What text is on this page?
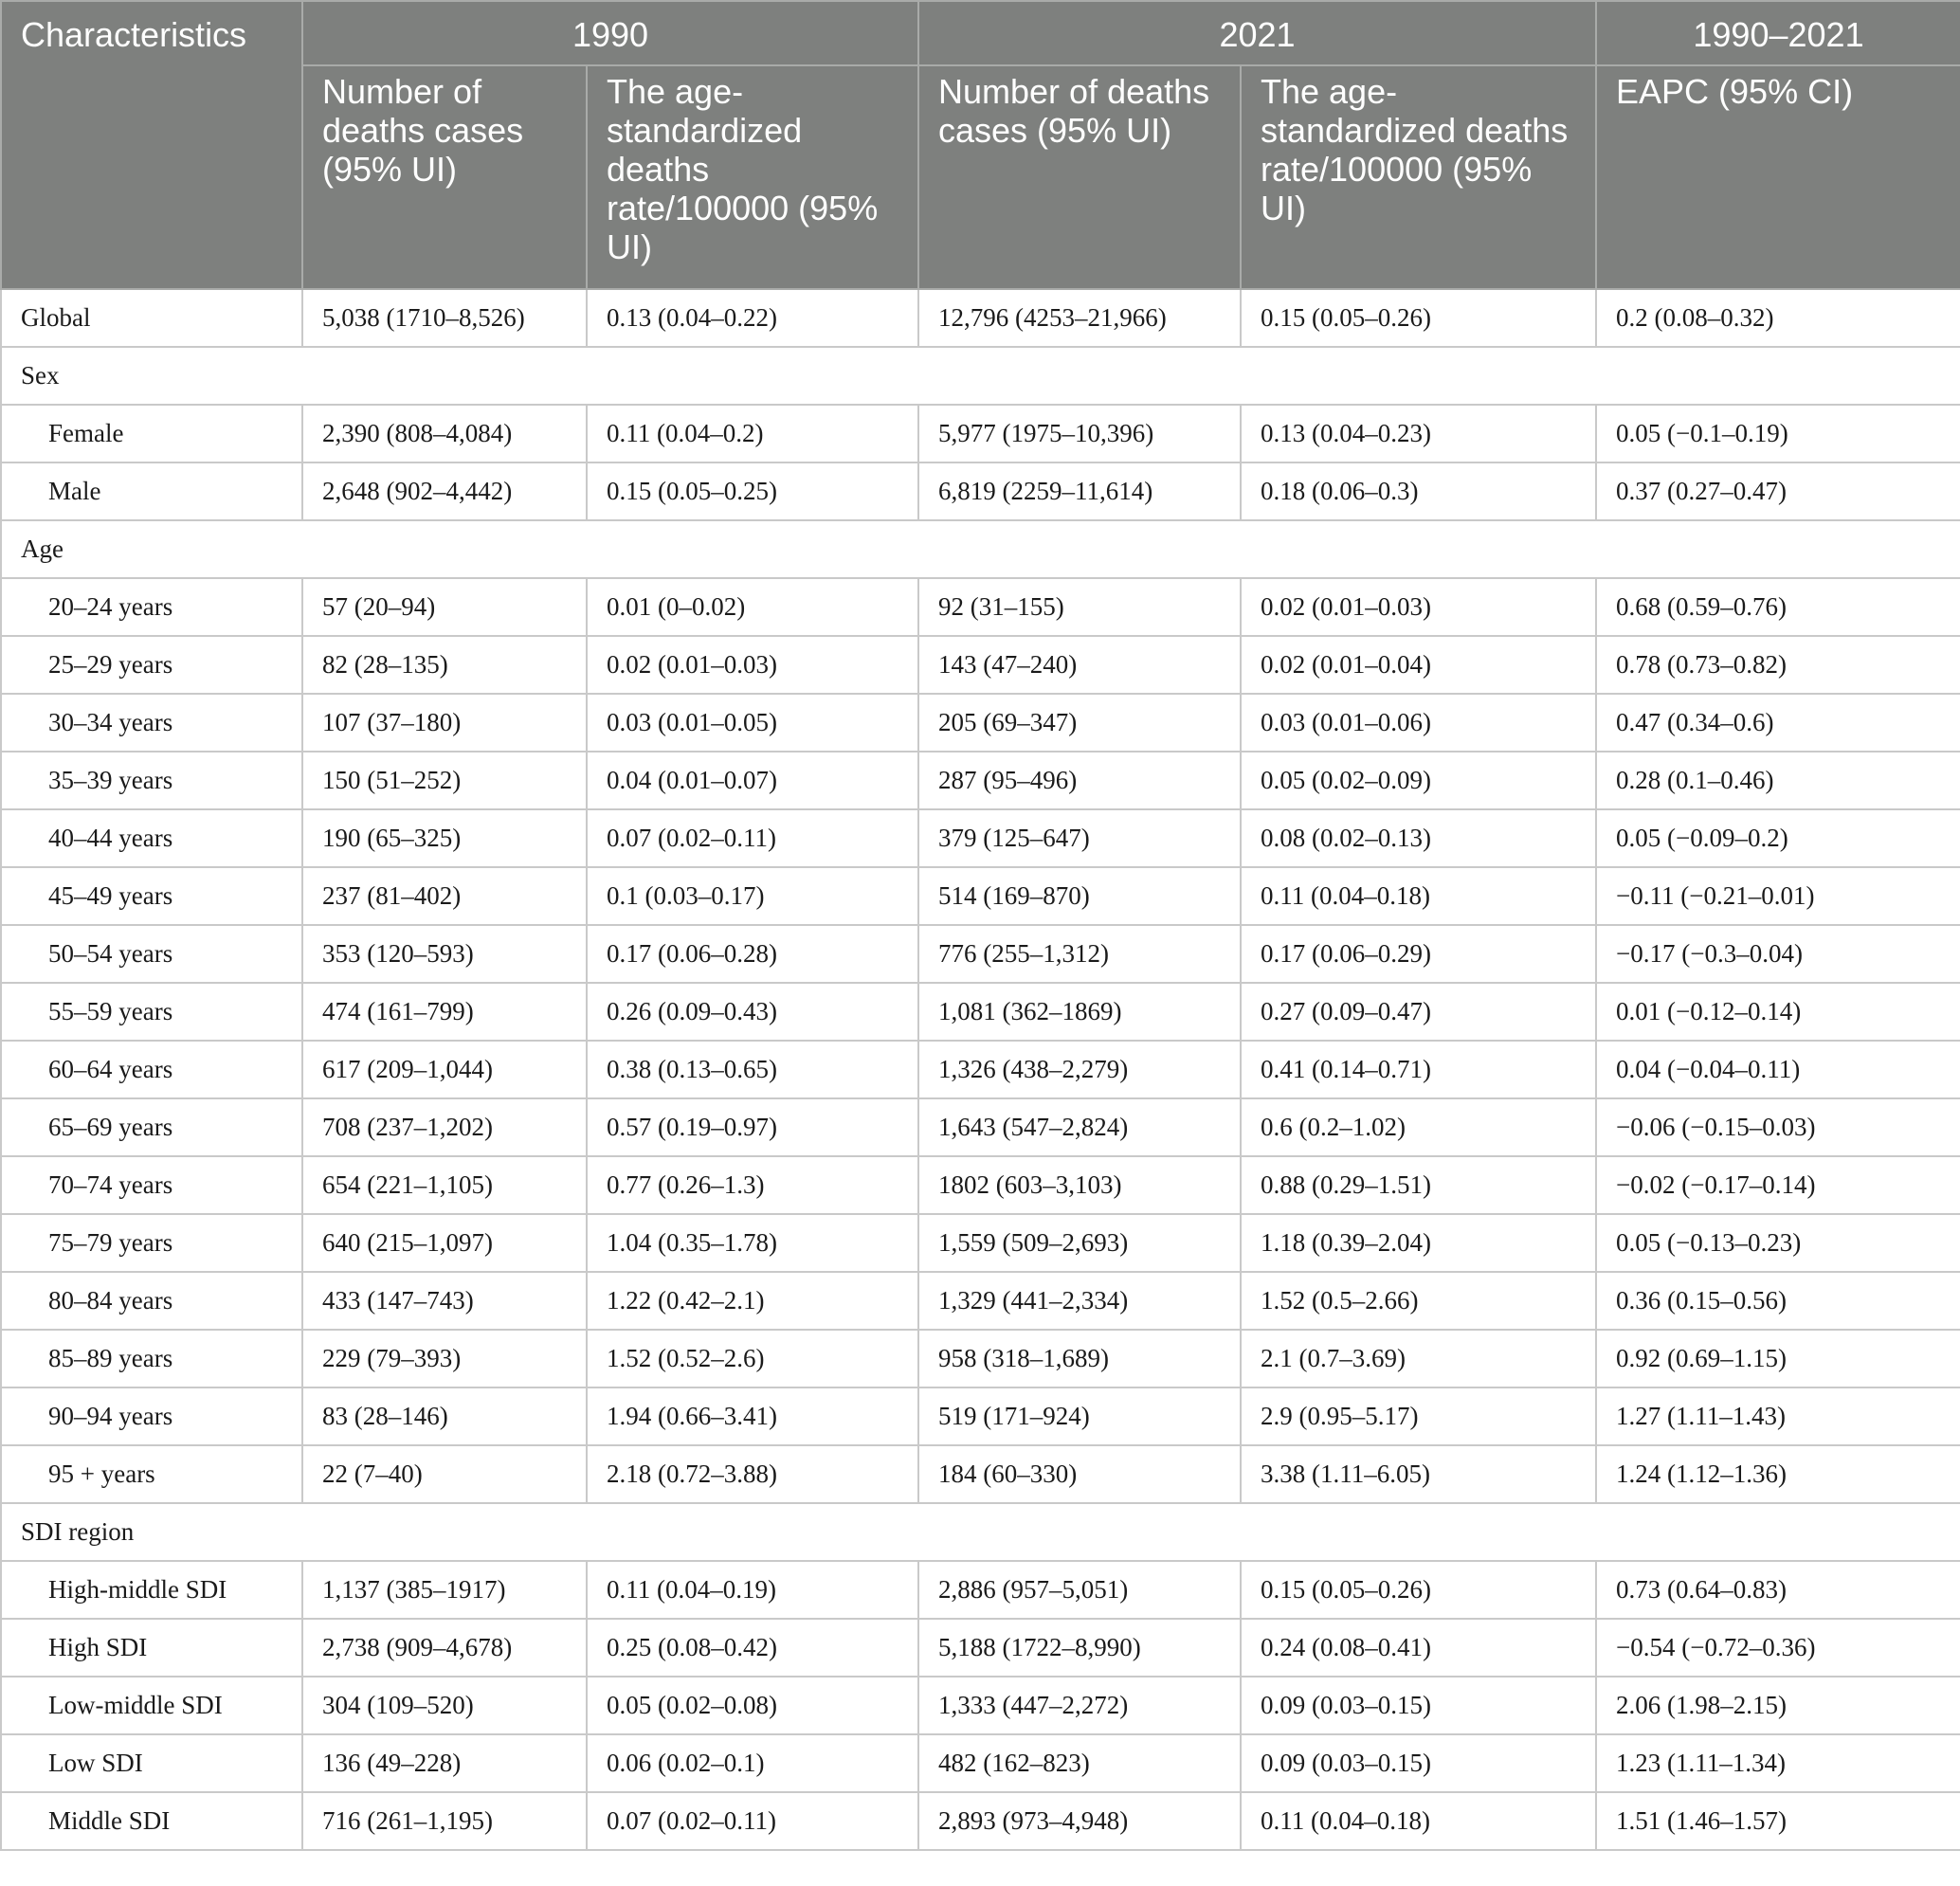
Characteristics	1990		2021		1990–2021
	Number of deaths cases (95% UI)	The age-standardized deaths rate/100000 (95% UI)	Number of deaths cases (95% UI)	The age-standardized deaths rate/100000 (95% UI)	EAPC (95% CI)
Global	5,038 (1710–8,526)	0.13 (0.04–0.22)	12,796 (4253–21,966)	0.15 (0.05–0.26)	0.2 (0.08–0.32)
Sex					
Female	2,390 (808–4,084)	0.11 (0.04–0.2)	5,977 (1975–10,396)	0.13 (0.04–0.23)	0.05 (−0.1–0.19)
Male	2,648 (902–4,442)	0.15 (0.05–0.25)	6,819 (2259–11,614)	0.18 (0.06–0.3)	0.37 (0.27–0.47)
Age					
20–24 years	57 (20–94)	0.01 (0–0.02)	92 (31–155)	0.02 (0.01–0.03)	0.68 (0.59–0.76)
25–29 years	82 (28–135)	0.02 (0.01–0.03)	143 (47–240)	0.02 (0.01–0.04)	0.78 (0.73–0.82)
30–34 years	107 (37–180)	0.03 (0.01–0.05)	205 (69–347)	0.03 (0.01–0.06)	0.47 (0.34–0.6)
35–39 years	150 (51–252)	0.04 (0.01–0.07)	287 (95–496)	0.05 (0.02–0.09)	0.28 (0.1–0.46)
40–44 years	190 (65–325)	0.07 (0.02–0.11)	379 (125–647)	0.08 (0.02–0.13)	0.05 (−0.09–0.2)
45–49 years	237 (81–402)	0.1 (0.03–0.17)	514 (169–870)	0.11 (0.04–0.18)	−0.11 (−0.21–0.01)
50–54 years	353 (120–593)	0.17 (0.06–0.28)	776 (255–1,312)	0.17 (0.06–0.29)	−0.17 (−0.3–0.04)
55–59 years	474 (161–799)	0.26 (0.09–0.43)	1,081 (362–1869)	0.27 (0.09–0.47)	0.01 (−0.12–0.14)
60–64 years	617 (209–1,044)	0.38 (0.13–0.65)	1,326 (438–2,279)	0.41 (0.14–0.71)	0.04 (−0.04–0.11)
65–69 years	708 (237–1,202)	0.57 (0.19–0.97)	1,643 (547–2,824)	0.6 (0.2–1.02)	−0.06 (−0.15–0.03)
70–74 years	654 (221–1,105)	0.77 (0.26–1.3)	1802 (603–3,103)	0.88 (0.29–1.51)	−0.02 (−0.17–0.14)
75–79 years	640 (215–1,097)	1.04 (0.35–1.78)	1,559 (509–2,693)	1.18 (0.39–2.04)	0.05 (−0.13–0.23)
80–84 years	433 (147–743)	1.22 (0.42–2.1)	1,329 (441–2,334)	1.52 (0.5–2.66)	0.36 (0.15–0.56)
85–89 years	229 (79–393)	1.52 (0.52–2.6)	958 (318–1,689)	2.1 (0.7–3.69)	0.92 (0.69–1.15)
90–94 years	83 (28–146)	1.94 (0.66–3.41)	519 (171–924)	2.9 (0.95–5.17)	1.27 (1.11–1.43)
95 + years	22 (7–40)	2.18 (0.72–3.88)	184 (60–330)	3.38 (1.11–6.05)	1.24 (1.12–1.36)
SDI region					
High-middle SDI	1,137 (385–1917)	0.11 (0.04–0.19)	2,886 (957–5,051)	0.15 (0.05–0.26)	0.73 (0.64–0.83)
High SDI	2,738 (909–4,678)	0.25 (0.08–0.42)	5,188 (1722–8,990)	0.24 (0.08–0.41)	−0.54 (−0.72–0.36)
Low-middle SDI	304 (109–520)	0.05 (0.02–0.08)	1,333 (447–2,272)	0.09 (0.03–0.15)	2.06 (1.98–2.15)
Low SDI	136 (49–228)	0.06 (0.02–0.1)	482 (162–823)	0.09 (0.03–0.15)	1.23 (1.11–1.34)
Middle SDI	716 (261–1,195)	0.07 (0.02–0.11)	2,893 (973–4,948)	0.11 (0.04–0.18)	1.51 (1.46–1.57)
